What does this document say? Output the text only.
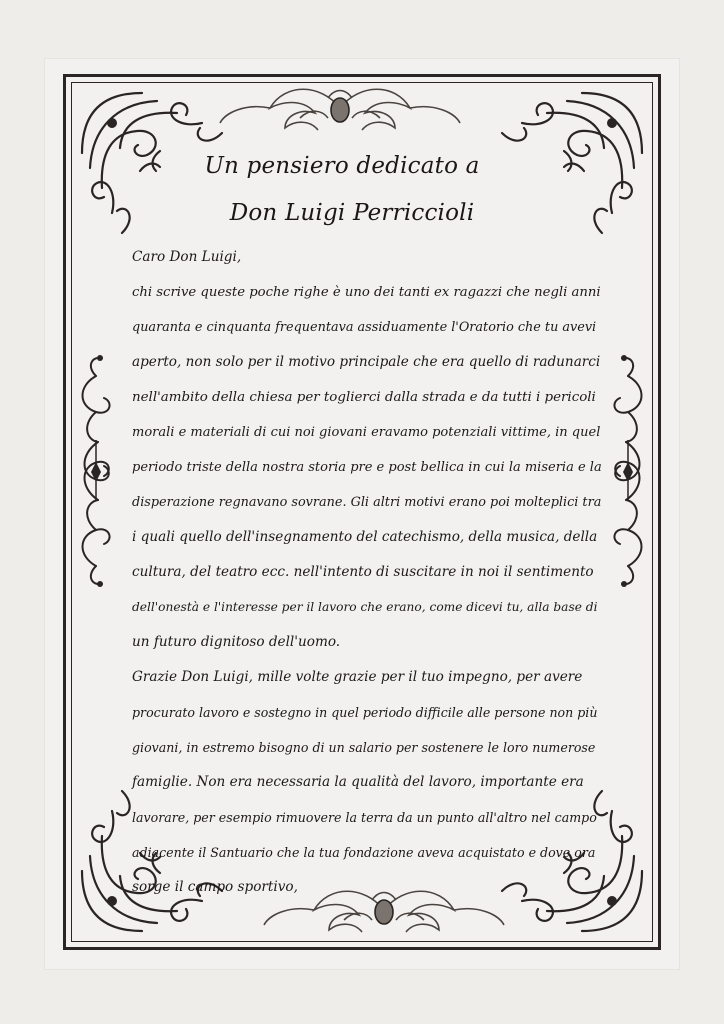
Un pensiero dedicato a
Don Luigi Perriccioli
Caro Don Luigi,
chi scrive queste poche righe è uno dei tanti ex ragazzi che negli anni
quaranta e cinquanta frequentava assiduamente l'Oratorio che tu avevi
aperto, non solo per il motivo principale che era quello di radunarci
nell'ambito della chiesa per toglierci dalla strada e da tutti i pericoli
morali e materiali di cui noi giovani eravamo potenziali vittime, in quel
periodo triste della nostra storia pre e post bellica in cui la miseria e la
disperazione regnavano sovrane. Gli altri motivi erano poi molteplici tra
i quali quello dell'insegnamento del catechismo, della musica, della
cultura, del teatro ecc. nell'intento di suscitare in noi il sentimento
dell'onestà e l'interesse per il lavoro che erano, come dicevi tu, alla base di
un futuro dignitoso dell'uomo.
Grazie Don Luigi, mille volte grazie per il tuo impegno, per avere
procurato lavoro e sostegno in quel periodo difficile alle persone non più
giovani, in estremo bisogno di un salario per sostenere le loro numerose
famiglie. Non era necessaria la qualità del lavoro, importante era
lavorare, per esempio rimuovere la terra da un punto all'altro nel campo
adiacente il Santuario che la tua fondazione aveva acquistato e dove ora
sorge il campo sportivo,
